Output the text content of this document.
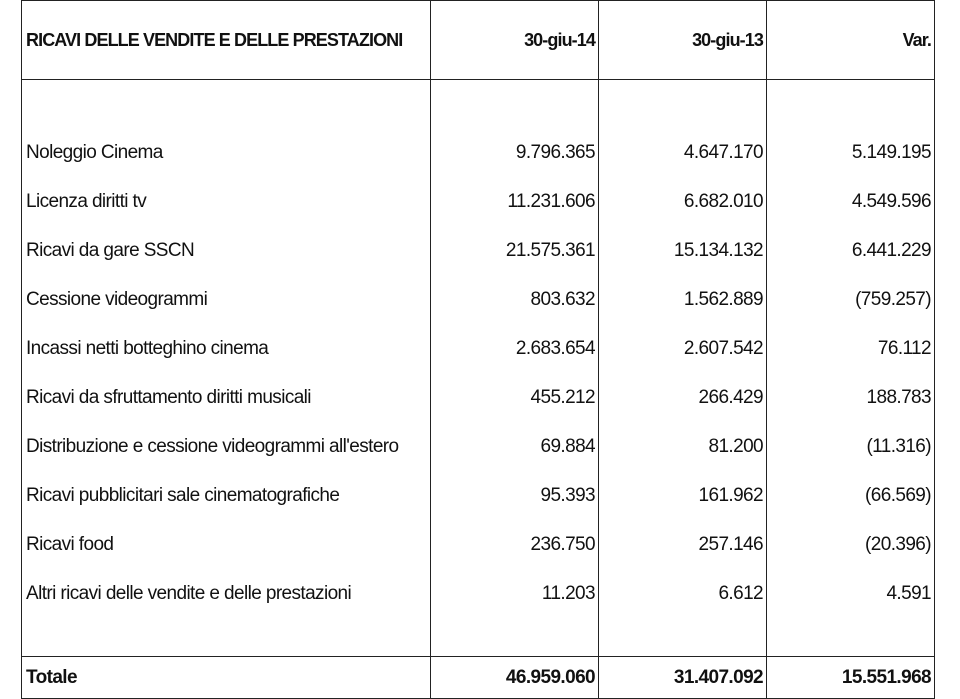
RICAVI DELLE VENDITE E DELLE PRESTAZIONI	30-giu-14	30-giu-13	Var.

Noleggio Cinema	9.796.365	4.647.170	5.149.195
Licenza diritti tv	11.231.606	6.682.010	4.549.596
Ricavi da gare SSCN	21.575.361	15.134.132	6.441.229
Cessione videogrammi	803.632	1.562.889	(759.257)
Incassi netti botteghino cinema	2.683.654	2.607.542	76.112
Ricavi da sfruttamento diritti musicali	455.212	266.429	188.783
Distribuzione e cessione videogrammi all'estero	69.884	81.200	(11.316)
Ricavi pubblicitari sale cinematografiche	95.393	161.962	(66.569)
Ricavi food	236.750	257.146	(20.396)
Altri ricavi delle vendite e delle prestazioni	11.203	6.612	4.591

Totale	46.959.060	31.407.092	15.551.968
